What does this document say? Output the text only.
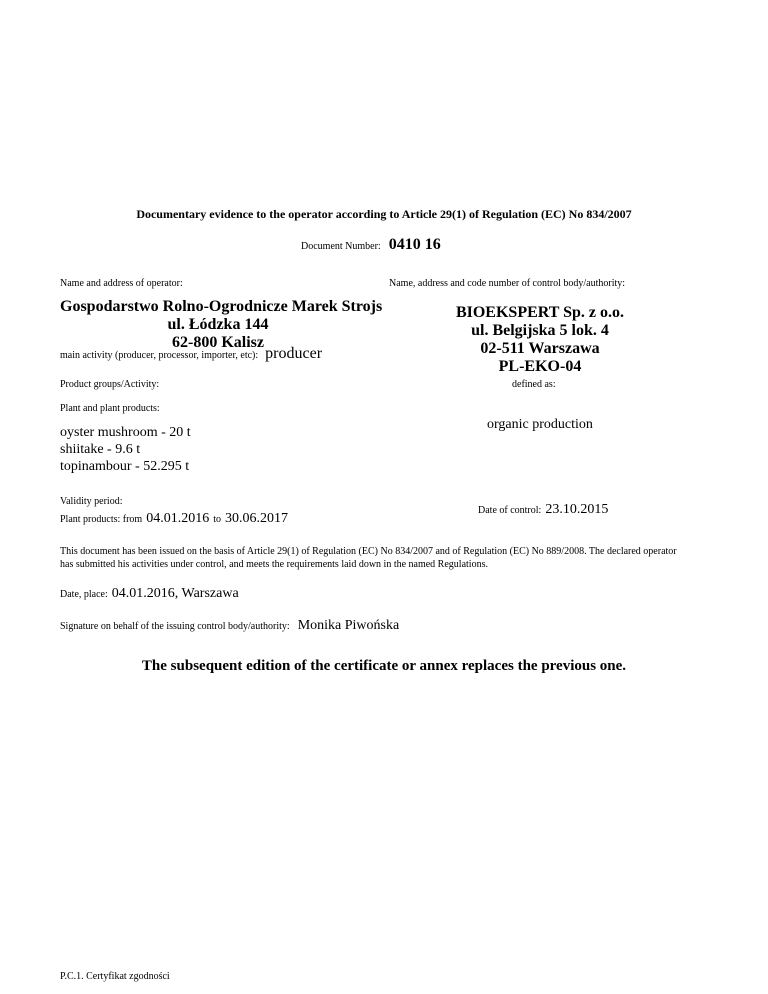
Documentary evidence to the operator according to Article 29(1) of Regulation (EC) No 834/2007
Document Number: 0410 16
Name and address of operator:
Gospodarstwo Rolno-Ogrodnicze Marek Strojs
ul. Łódzka 144
62-800 Kalisz
main activity (producer, processor, importer, etc): producer
Name, address and code number of control body/authority:
BIOEKSPERT Sp. z o.o.
ul. Belgijska 5 lok. 4
02-511 Warszawa
PL-EKO-04
Product groups/Activity:	defined as:
Plant and plant products:
oyster mushroom - 20 t
shiitake - 9.6 t
topinambour - 52.295 t
organic production
Validity period:
Plant products: from 04.01.2016 to 30.06.2017
Date of control: 23.10.2015
This document has been issued on the basis of Article 29(1) of Regulation (EC) No 834/2007 and of Regulation (EC) No 889/2008. The declared operator
has submitted his activities under control, and meets the requirements laid down in the named Regulations.
Date, place: 04.01.2016, Warszawa
Signature on behalf of the issuing control body/authority: Monika Piwońska
The subsequent edition of the certificate or annex replaces the previous one.
P.C.1. Certyfikat zgodności
